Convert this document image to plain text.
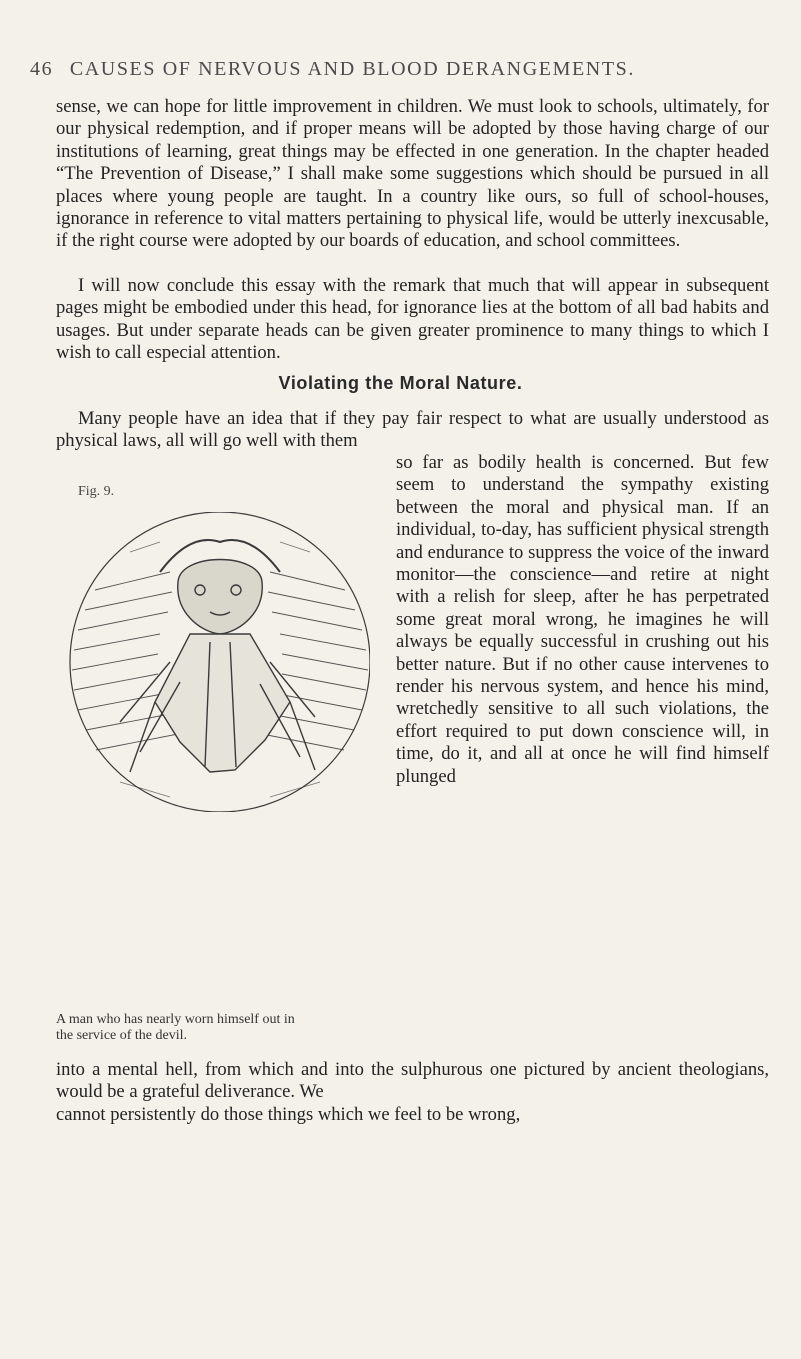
46 CAUSES OF NERVOUS AND BLOOD DERANGEMENTS.

sense, we can hope for little improvement in children. We must look to schools, ultimately, for our physical redemption, and if proper means will be adopted by those having charge of our institutions of learning, great things may be effected in one generation. In the chapter headed “The Prevention of Disease,” I shall make some suggestions which should be pursued in all places where young people are taught. In a country like ours, so full of school-houses, ignorance in reference to vital matters pertaining to physical life, would be utterly inexcusable, if the right course were adopted by our boards of education, and school committees.

I will now conclude this essay with the remark that much that will appear in subsequent pages might be embodied under this head, for ignorance lies at the bottom of all bad habits and usages. But under separate heads can be given greater prominence to many things to which I wish to call especial attention.

Violating the Moral Nature.

Many people have an idea that if they pay fair respect to what are usually understood as physical laws, all will go well with them

Fig. 9.

so far as bodily health is concerned. But few seem to understand the sympathy existing between the moral and physical man. If an individual, to-day, has sufficient physical strength and endurance to suppress the voice of the inward monitor—the conscience—and retire at night with a relish for sleep, after he has perpetrated some great moral wrong, he imagines he will always be equally successful in crushing out his better nature. But if no other cause intervenes to render his nervous system, and hence his mind, wretchedly sensitive to all such violations, the effort required to put down conscience will, in time, do it, and all at once he will find himself plunged

A man who has nearly worn himself out in the service of the devil.

into a mental hell, from which and into the sulphurous one pictured by ancient theologians, would be a grateful deliverance. We
cannot persistently do those things which we feel to be wrong,
